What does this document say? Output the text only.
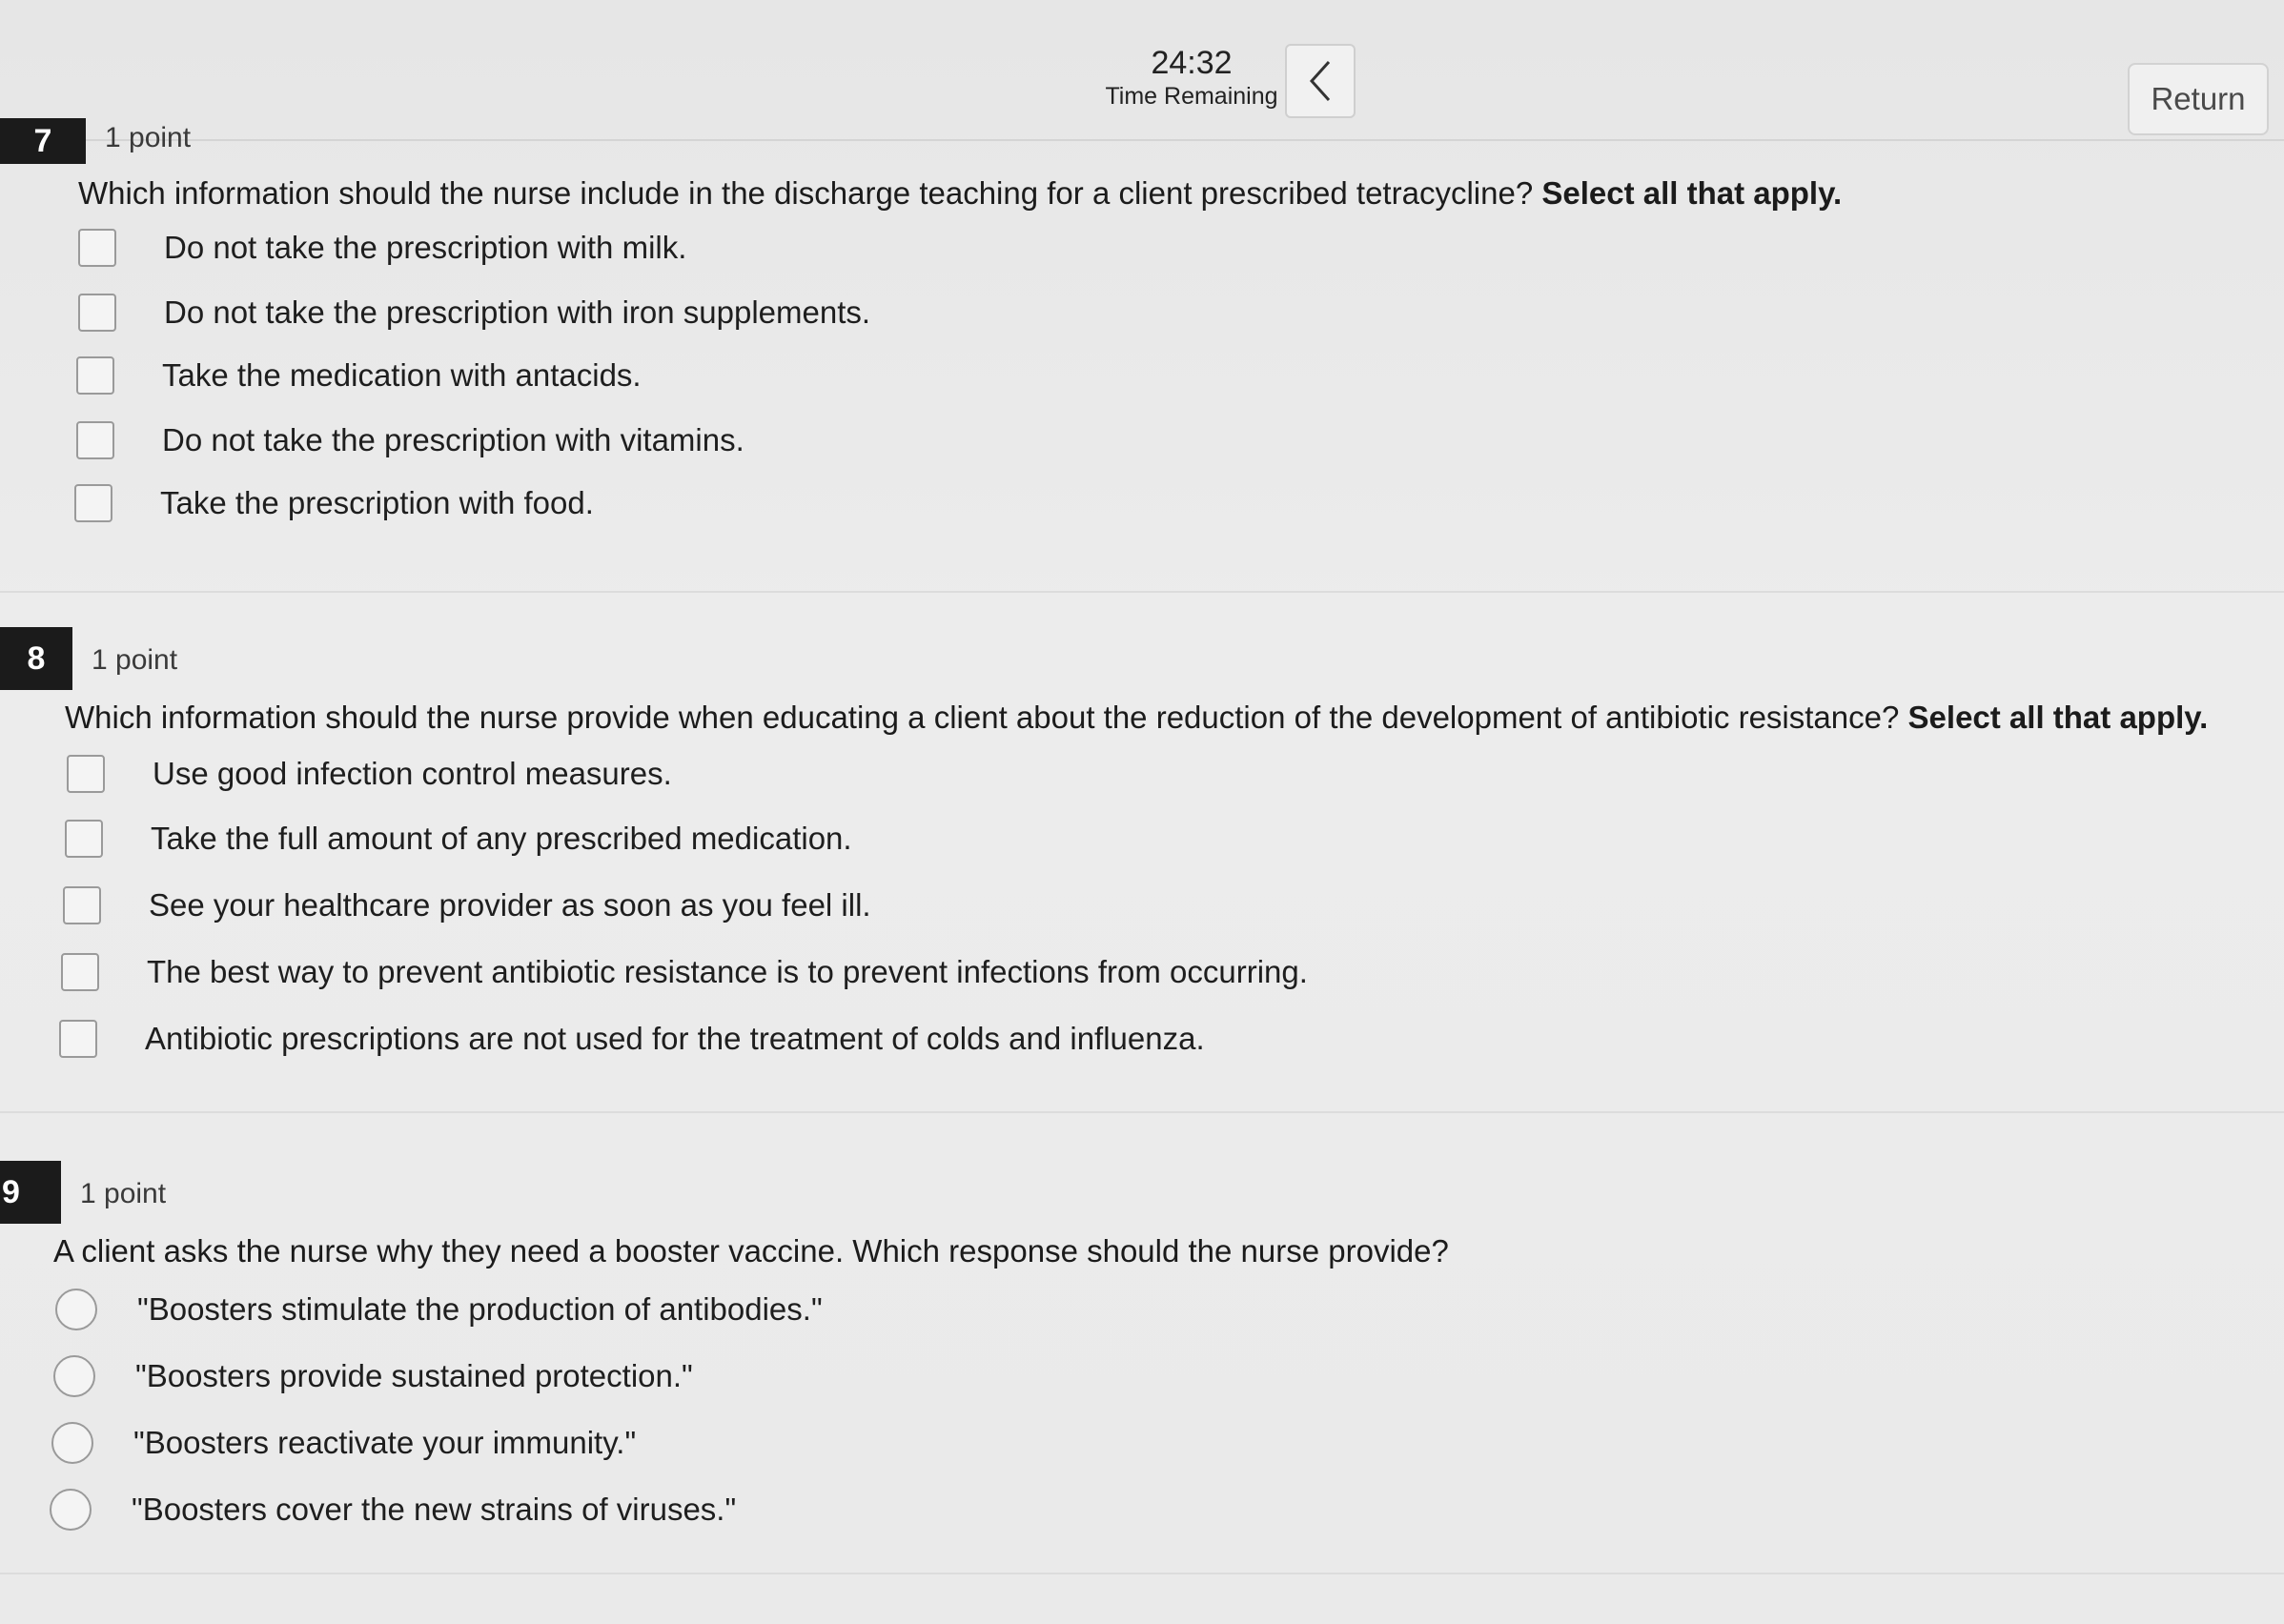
24:32
Time Remaining	Return
7	1 point
Which information should the nurse include in the discharge teaching for a client prescribed tetracycline? Select all that apply.
Do not take the prescription with milk.
Do not take the prescription with iron supplements.
Take the medication with antacids.
Do not take the prescription with vitamins.
Take the prescription with food.
8	1 point
Which information should the nurse provide when educating a client about the reduction of the development of antibiotic resistance? Select all that apply.
Use good infection control measures.
Take the full amount of any prescribed medication.
See your healthcare provider as soon as you feel ill.
The best way to prevent antibiotic resistance is to prevent infections from occurring.
Antibiotic prescriptions are not used for the treatment of colds and influenza.
9	1 point
A client asks the nurse why they need a booster vaccine. Which response should the nurse provide?
"Boosters stimulate the production of antibodies."
"Boosters provide sustained protection."
"Boosters reactivate your immunity."
"Boosters cover the new strains of viruses."
